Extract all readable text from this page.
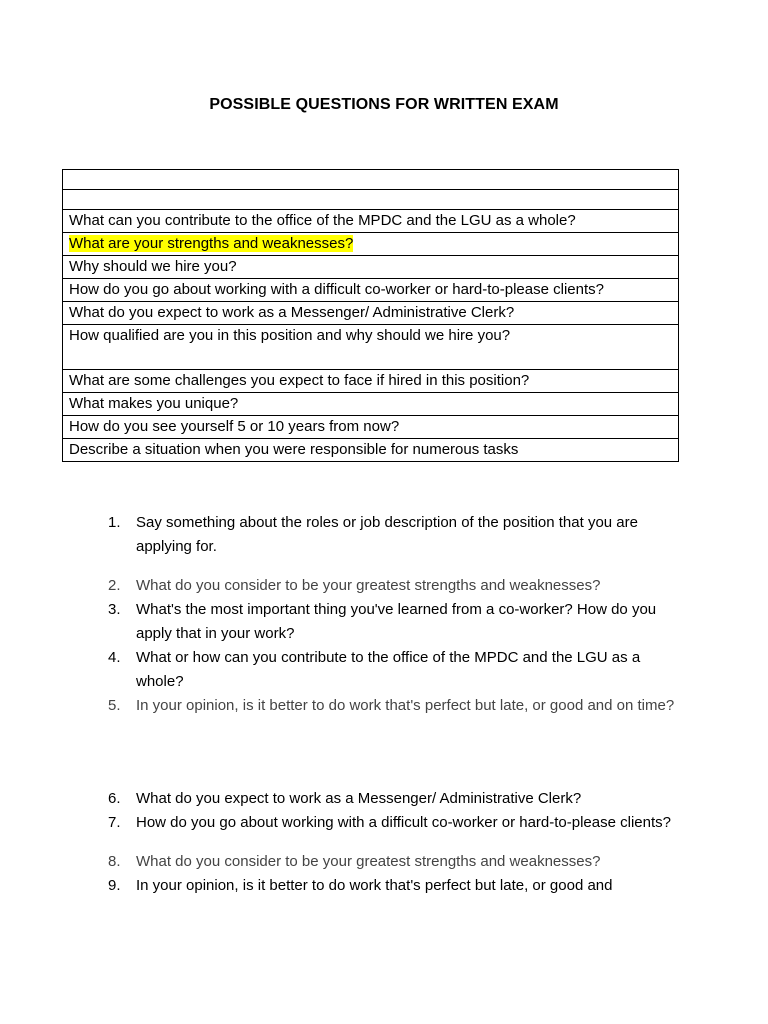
POSSIBLE QUESTIONS FOR WRITTEN EXAM

What can you contribute to the office of the MPDC and the LGU as a whole?
What are your strengths and weaknesses?
Why should we hire you?
How do you go about working with a difficult co-worker or hard-to-please clients?
What do you expect to work as a Messenger/ Administrative Clerk?
How qualified are you in this position and why should we hire you?
What are some challenges you expect to face if hired in this position?
What makes you unique?
How do you see yourself 5 or 10 years from now?
Describe a situation when you were responsible for numerous tasks
1. Say something about the roles or job description of the position that you are applying for.
2. What do you consider to be your greatest strengths and weaknesses?
3. What's the most important thing you've learned from a co-worker? How do you apply that in your work?
4. What or how can you contribute to the office of the MPDC and the LGU as a whole?
5. In your opinion, is it better to do work that's perfect but late, or good and on time?
6. What do you expect to work as a Messenger/ Administrative Clerk?
7. How do you go about working with a difficult co-worker or hard-to-please clients?
8. What do you consider to be your greatest strengths and weaknesses?
9. In your opinion, is it better to do work that's perfect but late, or good and
